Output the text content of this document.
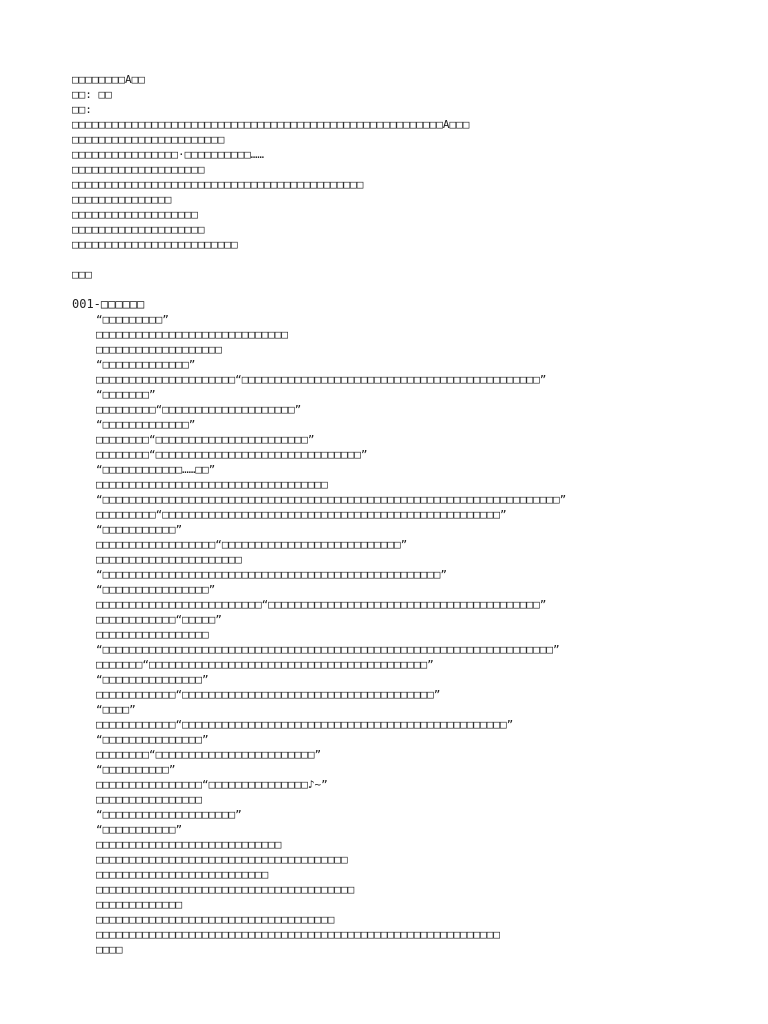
□□□□□□□□A□□
□□: □□
□□:
□□□□□□□□□□□□□□□□□□□□□□□□□□□□□□□□□□□□□□□□□□□□□□□□□□□□□□□□A□□□
□□□□□□□□□□□□□□□□□□□□□□□
□□□□□□□□□□□□□□□□·□□□□□□□□□□……
□□□□□□□□□□□□□□□□□□□□
□□□□□□□□□□□□□□□□□□□□□□□□□□□□□□□□□□□□□□□□□□□□
□□□□□□□□□□□□□□□
□□□□□□□□□□□□□□□□□□□
□□□□□□□□□□□□□□□□□□□□
□□□□□□□□□□□□□□□□□□□□□□□□□
□□□
001-□□□□□□
“□□□□□□□□□”
□□□□□□□□□□□□□□□□□□□□□□□□□□□□□
□□□□□□□□□□□□□□□□□□□
“□□□□□□□□□□□□□”
□□□□□□□□□□□□□□□□□□□□□“□□□□□□□□□□□□□□□□□□□□□□□□□□□□□□□□□□□□□□□□□□□□□”
“□□□□□□□”
□□□□□□□□□“□□□□□□□□□□□□□□□□□□□□”
“□□□□□□□□□□□□□”
□□□□□□□□“□□□□□□□□□□□□□□□□□□□□□□□”
□□□□□□□□“□□□□□□□□□□□□□□□□□□□□□□□□□□□□□□□”
“□□□□□□□□□□□□……□□”
□□□□□□□□□□□□□□□□□□□□□□□□□□□□□□□□□□□
“□□□□□□□□□□□□□□□□□□□□□□□□□□□□□□□□□□□□□□□□□□□□□□□□□□□□□□□□□□□□□□□□□□□□□”
□□□□□□□□□“□□□□□□□□□□□□□□□□□□□□□□□□□□□□□□□□□□□□□□□□□□□□□□□□□□□”
“□□□□□□□□□□□”
□□□□□□□□□□□□□□□□□□“□□□□□□□□□□□□□□□□□□□□□□□□□□□”
□□□□□□□□□□□□□□□□□□□□□□
“□□□□□□□□□□□□□□□□□□□□□□□□□□□□□□□□□□□□□□□□□□□□□□□□□□□”
“□□□□□□□□□□□□□□□□”
□□□□□□□□□□□□□□□□□□□□□□□□□“□□□□□□□□□□□□□□□□□□□□□□□□□□□□□□□□□□□□□□□□□”
□□□□□□□□□□□□“□□□□□”
□□□□□□□□□□□□□□□□□
“□□□□□□□□□□□□□□□□□□□□□□□□□□□□□□□□□□□□□□□□□□□□□□□□□□□□□□□□□□□□□□□□□□□□”
□□□□□□□“□□□□□□□□□□□□□□□□□□□□□□□□□□□□□□□□□□□□□□□□□□”
“□□□□□□□□□□□□□□□”
□□□□□□□□□□□□“□□□□□□□□□□□□□□□□□□□□□□□□□□□□□□□□□□□□□□”
“□□□□”
□□□□□□□□□□□□“□□□□□□□□□□□□□□□□□□□□□□□□□□□□□□□□□□□□□□□□□□□□□□□□□”
“□□□□□□□□□□□□□□□”
□□□□□□□□“□□□□□□□□□□□□□□□□□□□□□□□□”
“□□□□□□□□□□”
□□□□□□□□□□□□□□□□“□□□□□□□□□□□□□□□♪~”
□□□□□□□□□□□□□□□□
“□□□□□□□□□□□□□□□□□□□□”
“□□□□□□□□□□□”
□□□□□□□□□□□□□□□□□□□□□□□□□□□□
□□□□□□□□□□□□□□□□□□□□□□□□□□□□□□□□□□□□□□
□□□□□□□□□□□□□□□□□□□□□□□□□□
□□□□□□□□□□□□□□□□□□□□□□□□□□□□□□□□□□□□□□□
□□□□□□□□□□□□□
□□□□□□□□□□□□□□□□□□□□□□□□□□□□□□□□□□□□
□□□□□□□□□□□□□□□□□□□□□□□□□□□□□□□□□□□□□□□□□□□□□□□□□□□□□□□□□□□□□
□□□□
